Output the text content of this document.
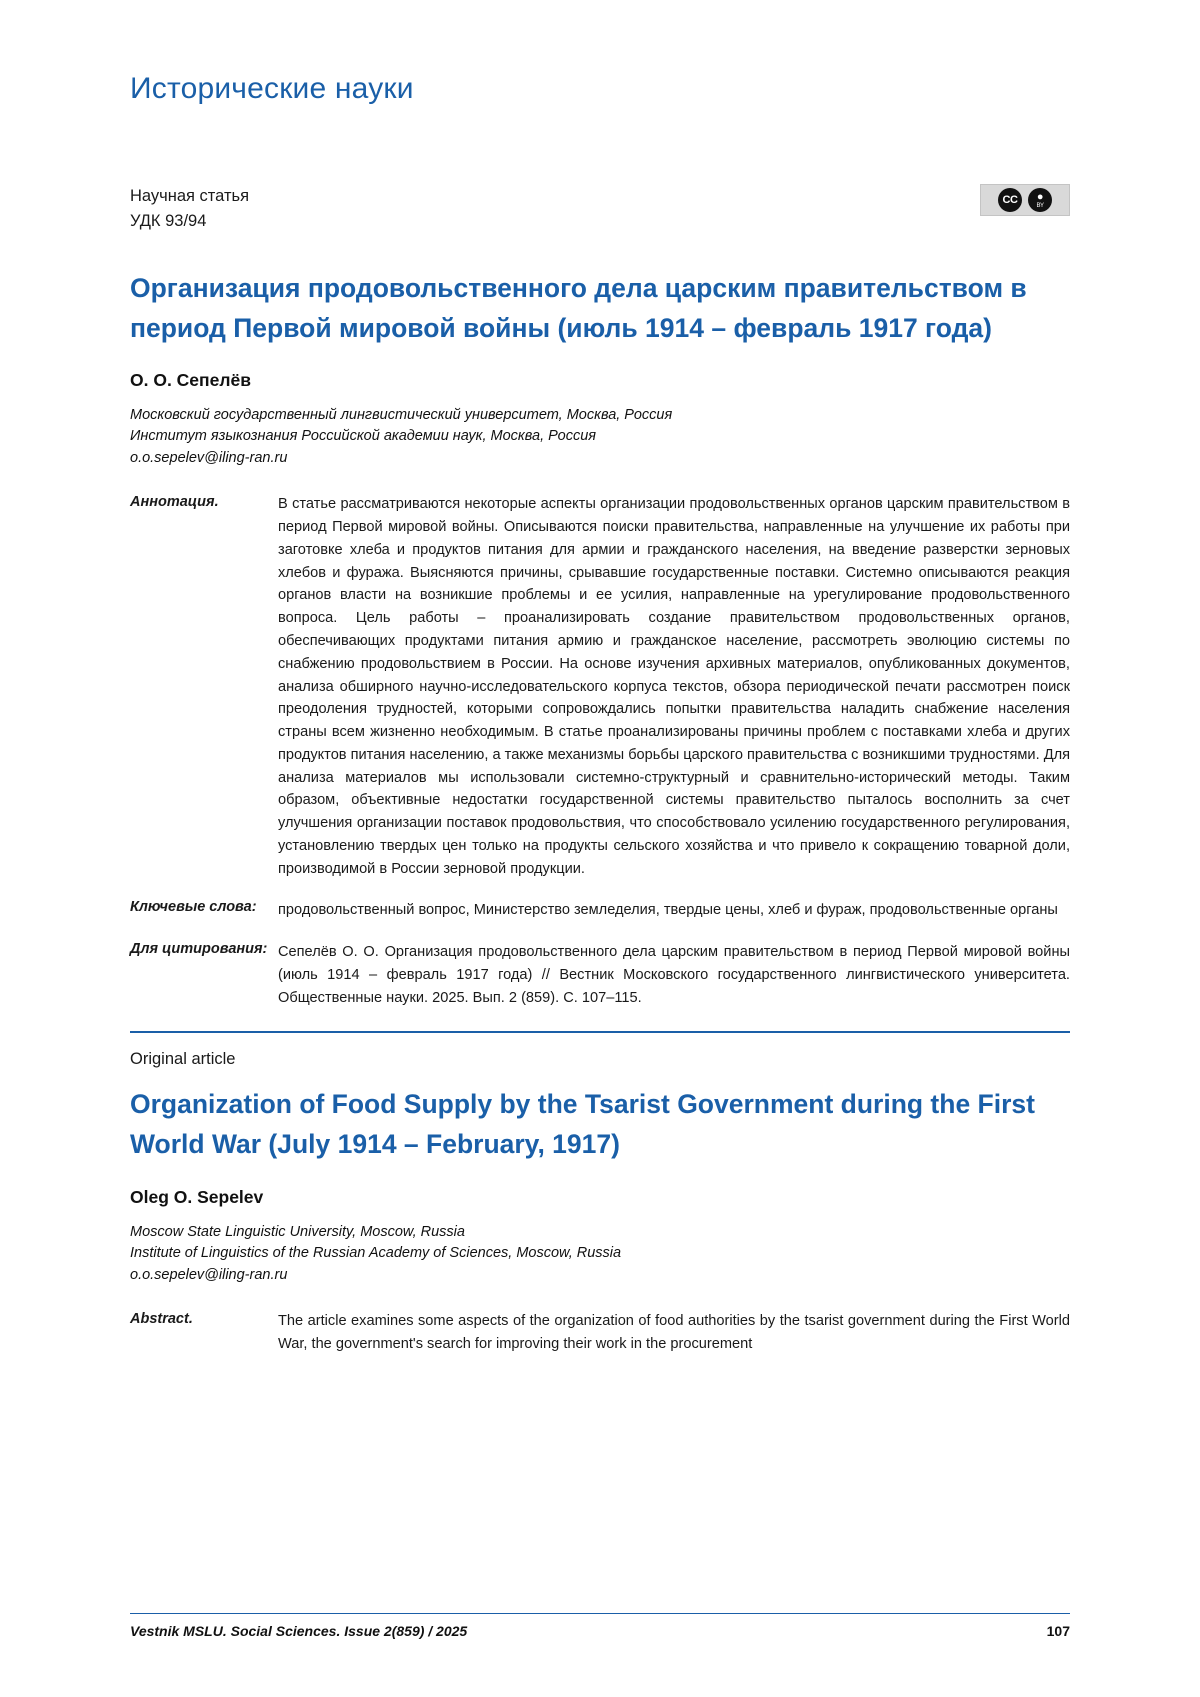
Исторические науки
Научная статья
УДК 93/94
CC	●
BY
Организация продовольственного дела царским правительством в период Первой мировой войны (июль 1914 – февраль 1917 года)
О. О. Сепелёв
Московский государственный лингвистический университет, Москва, Россия
Институт языкознания Российской академии наук, Москва, Россия
o.o.sepelev@iling-ran.ru
Аннотация.	В статье рассматриваются некоторые аспекты организации продовольственных органов царским правительством в период Первой мировой войны. Описываются поиски правительства, направленные на улучшение их работы при заготовке хлеба и продуктов питания для армии и гражданского населения, на введение разверстки зерновых хлебов и фуража. Выясняются причины, срывавшие государственные поставки. Системно описываются реакция органов власти на возникшие проблемы и ее усилия, направленные на урегулирование продовольственного вопроса. Цель работы – проанализировать создание правительством продовольственных органов, обеспечивающих продуктами питания армию и гражданское население, рассмотреть эволюцию системы по снабжению продовольствием в России. На основе изучения архивных материалов, опубликованных документов, анализа обширного научно-исследовательского корпуса текстов, обзора периодической печати рассмотрен поиск преодоления трудностей, которыми сопровождались попытки правительства наладить снабжение населения страны всем жизненно необходимым. В статье проанализированы причины проблем с поставками хлеба и других продуктов питания населению, а также механизмы борьбы царского правительства с возникшими трудностями. Для анализа материалов мы использовали системно-структурный и сравнительно-исторический методы. Таким образом, объективные недостатки государственной системы правительство пыталось восполнить за счет улучшения организации поставок продовольствия, что способствовало усилению государственного регулирования, установлению твердых цен только на продукты сельского хозяйства и что привело к сокращению товарной доли, производимой в России зерновой продукции.
Ключевые слова:	продовольственный вопрос, Министерство земледелия, твердые цены, хлеб и фураж, продовольственные органы
Для цитирования: Сепелёв О. О. Организация продовольственного дела царским правительством в период Первой мировой войны (июль 1914 – февраль 1917 года) // Вестник Московского государственного лингвистического университета. Общественные науки. 2025. Вып. 2 (859). С. 107–115.
Original article
Organization of Food Supply by the Tsarist Government during the First World War (July 1914 – February, 1917)
Oleg O. Sepelev
Moscow State Linguistic University, Moscow, Russia
Institute of Linguistics of the Russian Academy of Sciences, Moscow, Russia
o.o.sepelev@iling-ran.ru
Abstract.	The article examines some aspects of the organization of food authorities by the tsarist government during the First World War, the government's search for improving their work in the procurement
Vestnik MSLU. Social Sciences. Issue 2(859) / 2025	107
